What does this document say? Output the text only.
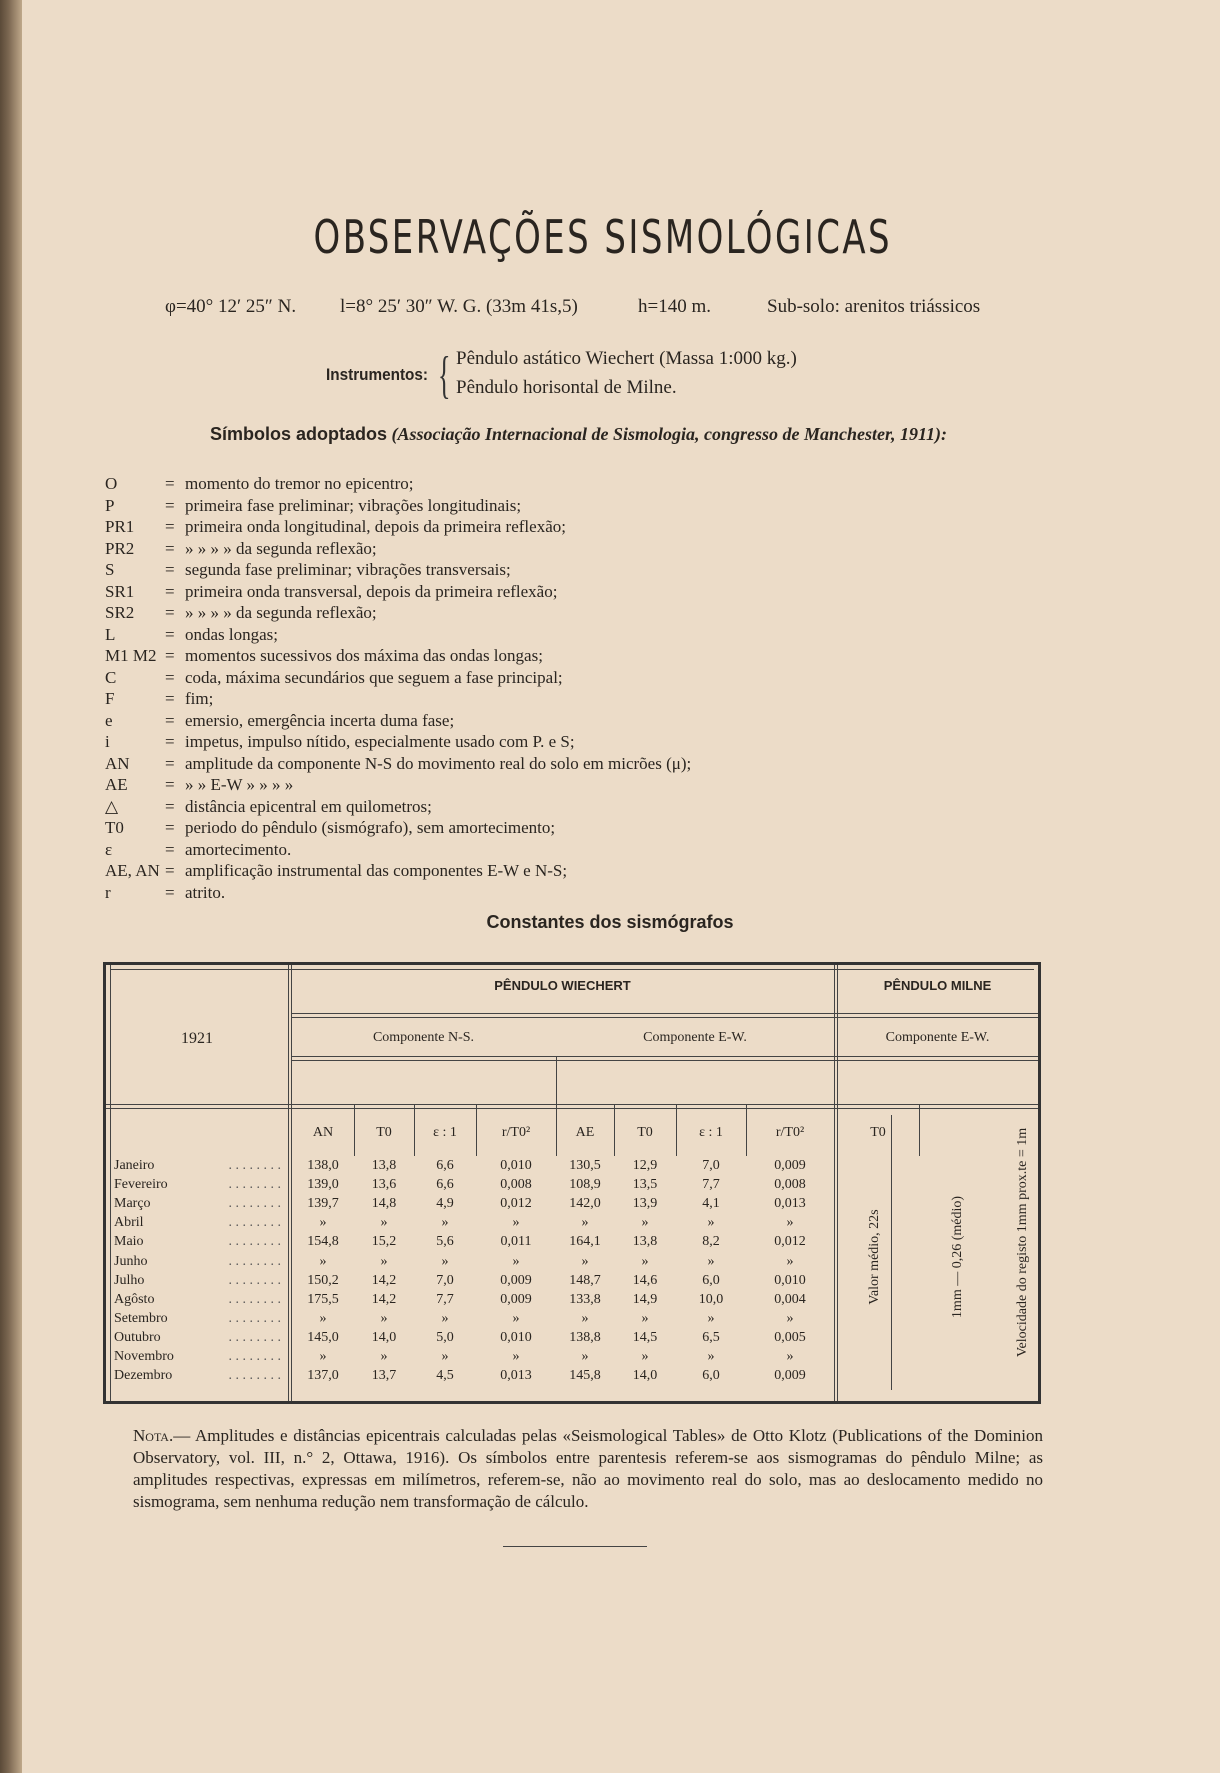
OBSERVAÇÕES SISMOLÓGICAS
φ=40° 12′ 25″ N. l=8° 25′ 30″ W. G. (33m 41s,5)	h=140 m.	Sub-solo: arenitos triássicos
Instrumentos: { Pêndulo astático Wiechert (Massa 1:000 kg.)
Pêndulo horisontal de Milne.
Símbolos adoptados (Associação Internacional de Sismologia, congresso de Manchester, 1911):
O	= momento do tremor no epicentro;
P	= primeira fase preliminar; vibrações longitudinais;
PR1 = primeira onda longitudinal, depois da primeira reflexão;
PR2 = » » » » da segunda reflexão;
S	= segunda fase preliminar; vibrações transversais;
SR1 = primeira onda transversal, depois da primeira reflexão;
SR2 = » » » » da segunda reflexão;
L	= ondas longas;
M1 M2 = momentos sucessivos dos máxima das ondas longas;
C	= coda, máxima secundários que seguem a fase principal;
F	= fim;
e	= emersio, emergência incerta duma fase;
i	= impetus, impulso nítido, especialmente usado com P. e S;
AN = amplitude da componente N-S do movimento real do solo em micrões (μ);
AE = » » E-W » » » »
△	= distância epicentral em quilometros;
T0 = periodo do pêndulo (sismógrafo), sem amortecimento;
ε	= amortecimento.
AE, AN = amplificação instrumental das componentes E-W e N-S;
r	= atrito.
Constantes dos sismógrafos
PÊNDULO WIECHERT	PÊNDULO MILNE
1921	Componente N-S.	Componente E-W.	Componente E-W.
AN	T0	ε : 1	r/T0²	AE	T0	ε : 1	r/T0²	T0
Janeiro	. . . . . . . .	138,0	13,8	6,6	0,010	130,5	12,9	7,0	0,009
Fevereiro	. . . . . . . .	139,0	13,6	6,6	0,008	108,9	13,5	7,7	0,008
Março	. . . . . . . .	139,7	14,8	4,9	0,012	142,0	13,9	4,1	0,013
Abril	. . . . . . . .	»	»	»	»	»	»	»	»
Maio	. . . . . . . .	154,8	15,2	5,6	0,011	164,1	13,8	8,2	0,012
Junho	. . . . . . . .	»	»	»	»	»	»	»	»
Julho	. . . . . . . .	150,2	14,2	7,0	0,009	148,7	14,6	6,0	0,010
Agôsto	. . . . . . . .	175,5	14,2	7,7	0,009	133,8	14,9	10,0	0,004
Setembro	. . . . . . . .	»	»	»	»	»	»	»	»
Outubro	. . . . . . . .	145,0	14,0	5,0	0,010	138,8	14,5	6,5	0,005
Novembro	. . . . . . . .	»	»	»	»	»	»	»	»
Dezembro	. . . . . . . .	137,0	13,7	4,5	0,013	145,8	14,0	6,0	0,009
Valor médio, 22s	1mm — 0,26 (médio)	Velocidade do registo 1mm prox.te = 1m
Nota.— Amplitudes e distâncias epicentrais calculadas pelas «Seismological Tables» de Otto Klotz (Publications of the Dominion Observatory, vol. III, n.° 2, Ottawa, 1916). Os símbolos entre parentesis referem-se aos sismogramas do pêndulo Milne; as amplitudes respectivas, expressas em milímetros, referem-se, não ao movimento real do solo, mas ao deslocamento medido no sismograma, sem nenhuma redução nem transformação de cálculo.
